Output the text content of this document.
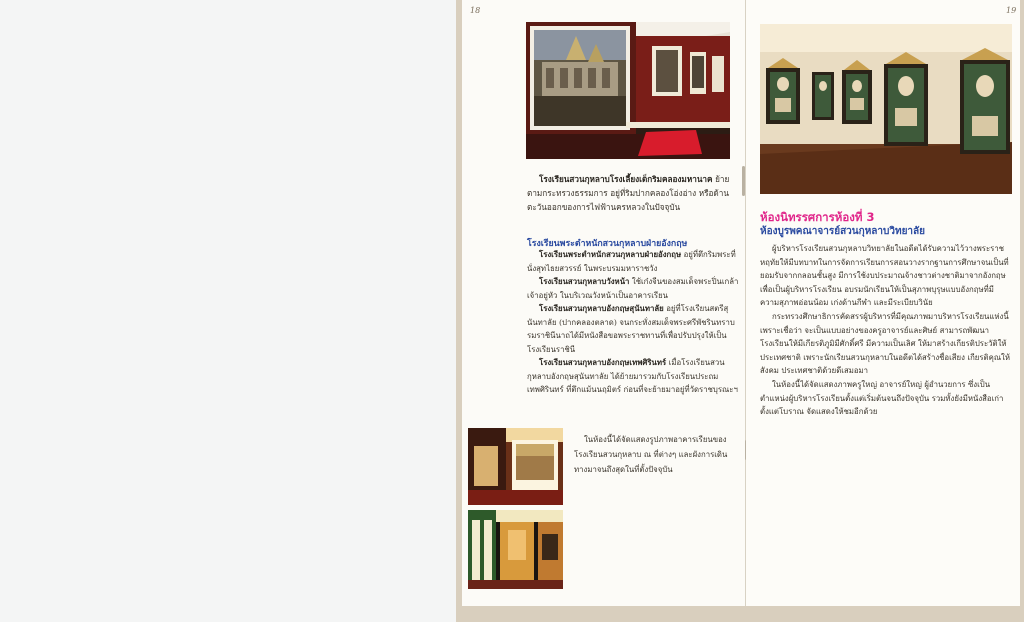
18

โรงเรียนสวนกุหลาบโรงเลี้ยงเด็กริมคลองมหานาค ย้ายตามกระทรวงธรรมการ อยู่ที่ริมปากคลองโอ่งอ่าง หรือด้านตะวันออกของการไฟฟ้านครหลวงในปัจจุบัน

โรงเรียนพระตำหนักสวนกุหลาบฝ่ายอังกฤษ

โรงเรียนพระตำหนักสวนกุหลาบฝ่ายอังกฤษ อยู่ที่ตึกริมพระที่นั่งสุทไธยสวรรย์ ในพระบรมมหาราชวัง

โรงเรียนสวนกุหลาบวังหน้า ใช้เก๋งจีนของสมเด็จพระปิ่นเกล้าเจ้าอยู่หัว ในบริเวณวังหน้าเป็นอาคารเรียน

โรงเรียนสวนกุหลาบอังกฤษสุนันทาลัย อยู่ที่โรงเรียนสตรีสุนันทาลัย (ปากคลองตลาด) จนกระทั่งสมเด็จพระศรีพัชรินทราบรมราชินีนาถได้มีหนังสือขอพระราชทานที่เพื่อปรับปรุงให้เป็นโรงเรียนราชินี

โรงเรียนสวนกุหลาบอังกฤษเทพศิรินทร์ เมื่อโรงเรียนสวนกุหลาบอังกฤษสุนันทาลัย ได้ย้ายมารวมกับโรงเรียนประถมเทพศิรินทร์ ที่ตึกแม้นนฤมิตร์ ก่อนที่จะย้ายมาอยู่ที่วัดราชบุรณะฯ

ในห้องนี้ได้จัดแสดงรูปภาพอาคารเรียนของโรงเรียนสวนกุหลาบ ณ ที่ต่างๆ และผังการเดินทางมาจนถึงสุดในที่ตั้งปัจจุบัน

19
ห้องนิทรรศการห้องที่ 3
ห้องบูรพคณาจารย์สวนกุหลาบวิทยาลัย

ผู้บริหารโรงเรียนสวนกุหลาบวิทยาลัยในอดีตได้รับความไว้วางพระราชหฤทัยให้มีบทบาทในการจัดการเรียนการสอนวางรากฐานการศึกษาจนเป็นที่ยอมรับจากกลอนชั้นสูง มีการใช้งบประมาณจ้างชาวต่างชาติมาจากอังกฤษ เพื่อเป็นผู้บริหารโรงเรียน อบรมนักเรียนให้เป็นสุภาพบุรุษแบบอังกฤษที่มีความสุภาพอ่อนน้อม เก่งด้านกีฬา และมีระเบียบวินัย

กระทรวงศึกษาธิการคัดสรรผู้บริหารที่มีคุณภาพมาบริหารโรงเรียนแห่งนี้ เพราะเชื่อว่า จะเป็นแบบอย่างของครูอาจารย์และศิษย์ สามารถพัฒนาโรงเรียนให้มีเกียรติภูมิมีศักดิ์ศรี มีความเป็นเลิศ ให้มาสร้างเกียรติประวัติให้ประเทศชาติ เพราะนักเรียนสวนกุหลาบในอดีตได้สร้างชื่อเสียง เกียรติคุณให้สังคม ประเทศชาติด้วยดีเสมอมา

ในห้องนี้ได้จัดแสดงภาพครูใหญ่ อาจารย์ใหญ่ ผู้อำนวยการ ซึ่งเป็นตำแหน่งผู้บริหารโรงเรียนตั้งแต่เริ่มต้นจนถึงปัจจุบัน รวมทั้งยังมีหนังสือเก่าตั้งแต่โบราณ จัดแสดงให้ชมอีกด้วย
